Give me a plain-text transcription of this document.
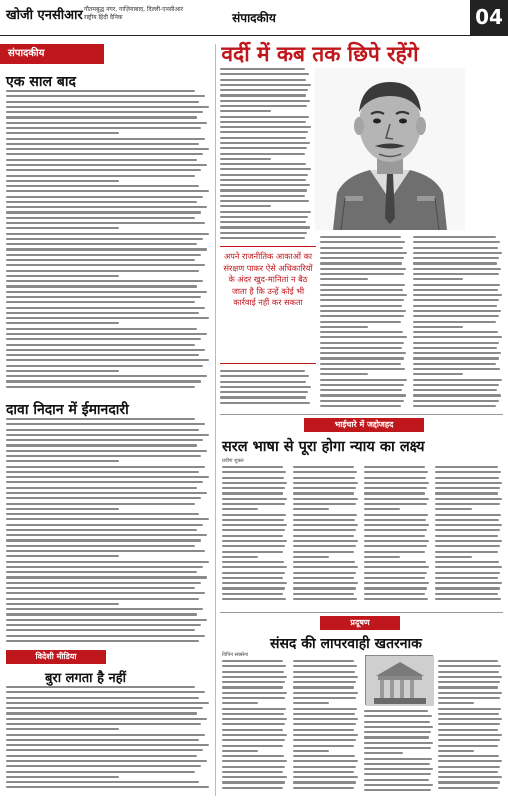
खोजी एनसीआर गौतमबुद्ध नगर, गाज़ियाबाद, दिल्ली-एनसीआर
राष्ट्रीय हिंदी दैनिक	संपादकीय	04
संपादकीय	वर्दी में कब तक छिपे रहेंगे
एक साल बाद
दावा निदान में ईमानदारी
विदेशी मीडिया
बुरा लगता है नहीं
अपने राजनीतिक आकाओं का संरक्षण पाकर ऐसे अधिकारियों के अंदर खुद-मानितां न बैठ जाता है कि उन्हें कोई भी कार्रवाई नहीं कर सकता
भाईचारे में जद्दोजहद
सरल भाषा से पूरा होगा न्याय का लक्ष्य
प्रवीण शुक्ल
प्रदूषण
संसद की लापरवाही खतरनाक
विपिन सक्सेना
